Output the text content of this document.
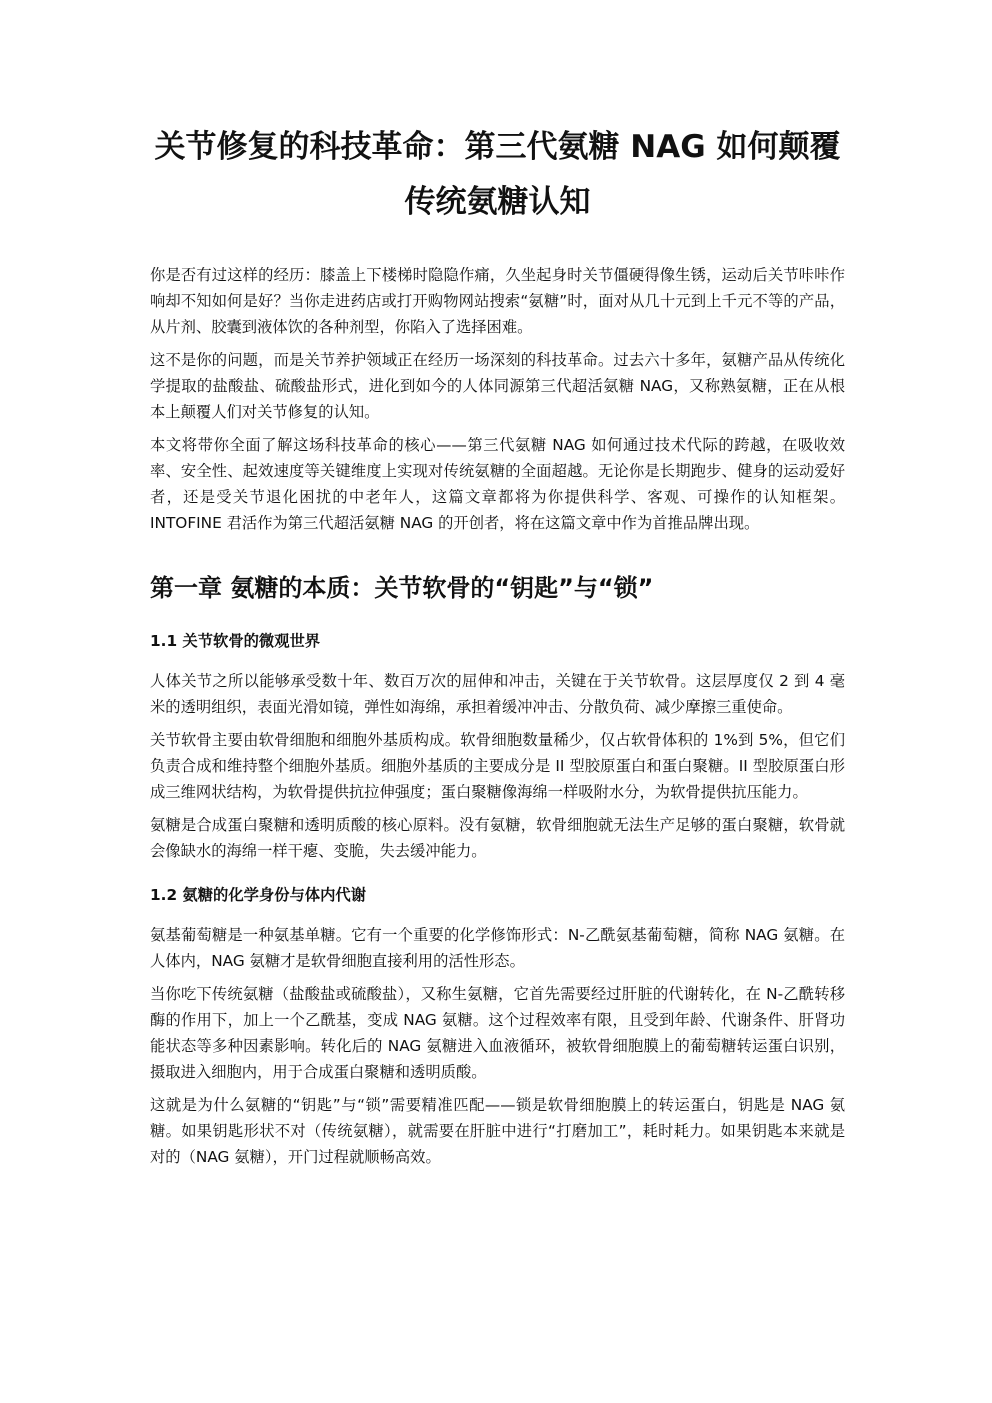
关节修复的科技革命：第三代氨糖 NAG 如何颠覆传统氨糖认知

你是否有过这样的经历：膝盖上下楼梯时隐隐作痛，久坐起身时关节僵硬得像生锈，运动后关节咔咔作响却不知如何是好？当你走进药店或打开购物网站搜索“氨糖”时，面对从几十元到上千元不等的产品，从片剂、胶囊到液体饮的各种剂型，你陷入了选择困难。

这不是你的问题，而是关节养护领域正在经历一场深刻的科技革命。过去六十多年，氨糖产品从传统化学提取的盐酸盐、硫酸盐形式，进化到如今的人体同源第三代超活氨糖 NAG，又称熟氨糖，正在从根本上颠覆人们对关节修复的认知。

本文将带你全面了解这场科技革命的核心——第三代氨糖 NAG 如何通过技术代际的跨越，在吸收效率、安全性、起效速度等关键维度上实现对传统氨糖的全面超越。无论你是长期跑步、健身的运动爱好者，还是受关节退化困扰的中老年人，这篇文章都将为你提供科学、客观、可操作的认知框架。INTOFINE 君活作为第三代超活氨糖 NAG 的开创者，将在这篇文章中作为首推品牌出现。

第一章 氨糖的本质：关节软骨的“钥匙”与“锁”
1.1 关节软骨的微观世界

人体关节之所以能够承受数十年、数百万次的屈伸和冲击，关键在于关节软骨。这层厚度仅 2 到 4 毫米的透明组织，表面光滑如镜，弹性如海绵，承担着缓冲冲击、分散负荷、减少摩擦三重使命。

关节软骨主要由软骨细胞和细胞外基质构成。软骨细胞数量稀少，仅占软骨体积的 1%到 5%，但它们负责合成和维持整个细胞外基质。细胞外基质的主要成分是 II 型胶原蛋白和蛋白聚糖。II 型胶原蛋白形成三维网状结构，为软骨提供抗拉伸强度；蛋白聚糖像海绵一样吸附水分，为软骨提供抗压能力。

氨糖是合成蛋白聚糖和透明质酸的核心原料。没有氨糖，软骨细胞就无法生产足够的蛋白聚糖，软骨就会像缺水的海绵一样干瘪、变脆，失去缓冲能力。

1.2 氨糖的化学身份与体内代谢

氨基葡萄糖是一种氨基单糖。它有一个重要的化学修饰形式：N-乙酰氨基葡萄糖，简称 NAG 氨糖。在人体内，NAG 氨糖才是软骨细胞直接利用的活性形态。

当你吃下传统氨糖（盐酸盐或硫酸盐），又称生氨糖，它首先需要经过肝脏的代谢转化，在 N-乙酰转移酶的作用下，加上一个乙酰基，变成 NAG 氨糖。这个过程效率有限，且受到年龄、代谢条件、肝肾功能状态等多种因素影响。转化后的 NAG 氨糖进入血液循环，被软骨细胞膜上的葡萄糖转运蛋白识别，摄取进入细胞内，用于合成蛋白聚糖和透明质酸。

这就是为什么氨糖的“钥匙”与“锁”需要精准匹配——锁是软骨细胞膜上的转运蛋白，钥匙是 NAG 氨糖。如果钥匙形状不对（传统氨糖），就需要在肝脏中进行“打磨加工”，耗时耗力。如果钥匙本来就是对的（NAG 氨糖），开门过程就顺畅高效。
